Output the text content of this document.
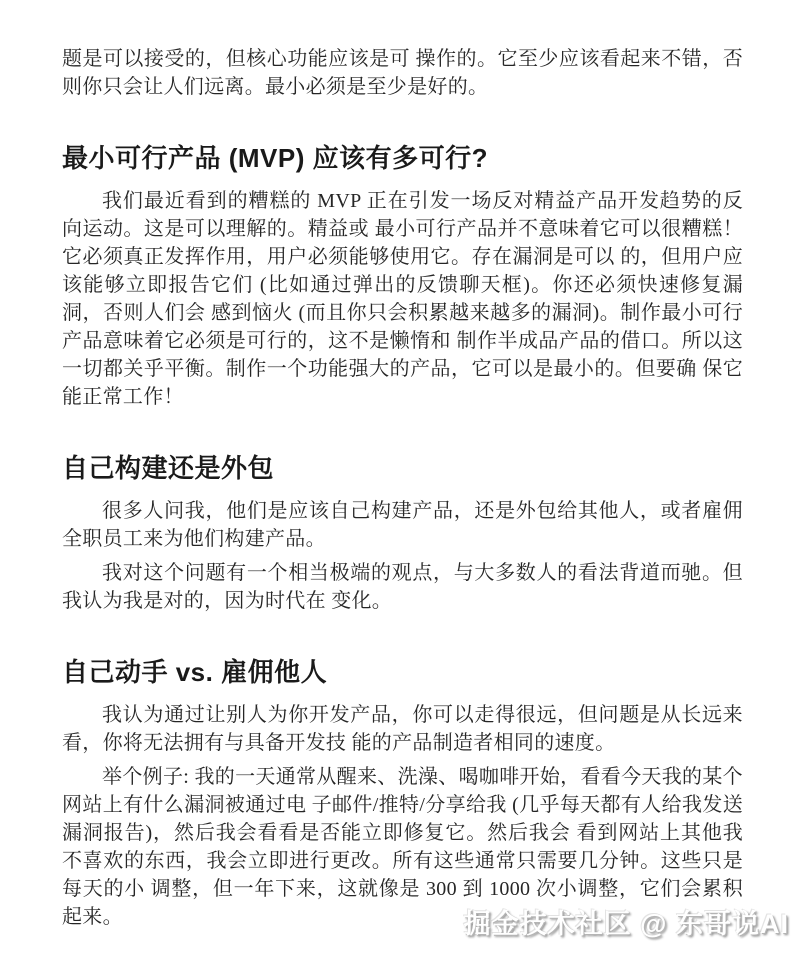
题是可以接受的，但核心功能应该是可 操作的。它至少应该看起来不错，否则你只会让人们远离。最小必须是至少是好的。

最小可行产品 (MVP) 应该有多可行?

我们最近看到的糟糕的 MVP 正在引发一场反对精益产品开发趋势的反向运动。这是可以理解的。精益或 最小可行产品并不意味着它可以很糟糕！它必须真正发挥作用，用户必须能够使用它。存在漏洞是可以 的，但用户应该能够立即报告它们 (比如通过弹出的反馈聊天框)。你还必须快速修复漏洞，否则人们会 感到恼火 (而且你只会积累越来越多的漏洞)。制作最小可行产品意味着它必须是可行的，这不是懒惰和 制作半成品产品的借口。所以这一切都关乎平衡。制作一个功能强大的产品，它可以是最小的。但要确 保它能正常工作！

自己构建还是外包

很多人问我，他们是应该自己构建产品，还是外包给其他人，或者雇佣全职员工来为他们构建产品。

我对这个问题有一个相当极端的观点，与大多数人的看法背道而驰。但我认为我是对的，因为时代在 变化。

自己动手 vs. 雇佣他人

我认为通过让别人为你开发产品，你可以走得很远，但问题是从长远来看，你将无法拥有与具备开发技 能的产品制造者相同的速度。

举个例子: 我的一天通常从醒来、洗澡、喝咖啡开始，看看今天我的某个网站上有什么漏洞被通过电 子邮件/推特/分享给我 (几乎每天都有人给我发送漏洞报告)，然后我会看看是否能立即修复它。然后我会 看到网站上其他我不喜欢的东西，我会立即进行更改。所有这些通常只需要几分钟。这些只是每天的小 调整，但一年下来，这就像是 300 到 1000 次小调整，它们会累积起来。	掘金技术社区 @ 东哥说AI
